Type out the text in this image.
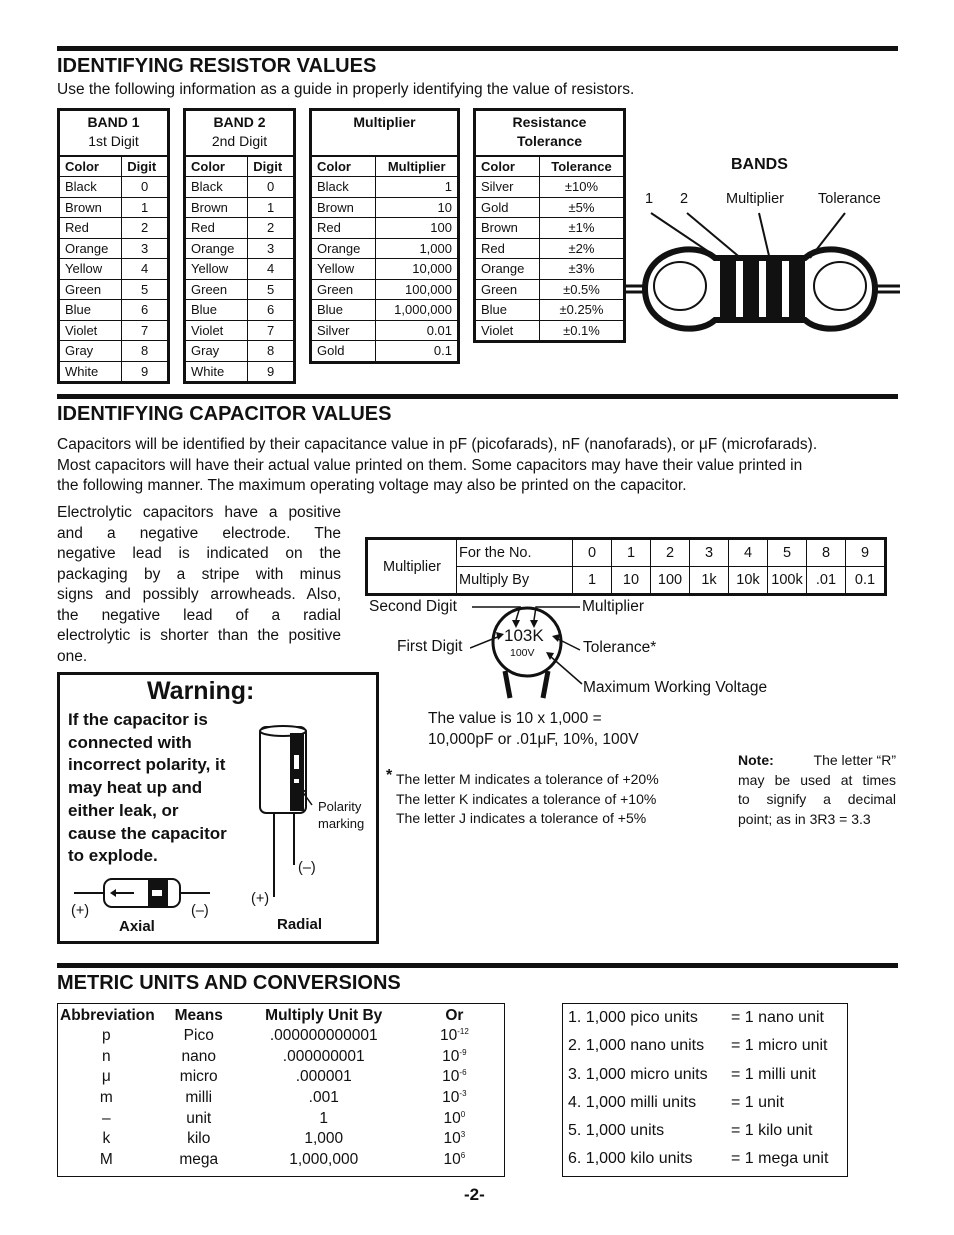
IDENTIFYING RESISTOR VALUES
Use the following information as a guide in properly identifying the value of resistors.
BAND 1
1st Digit
Color	Digit
Black	0
Brown	1
Red	2
Orange	3
Yellow	4
Green	5
Blue	6
Violet	7
Gray	8
White	9
BAND 2
2nd Digit
Color	Digit
Black	0
Brown	1
Red	2
Orange	3
Yellow	4
Green	5
Blue	6
Violet	7
Gray	8
White	9
Multiplier
Color	Multiplier
Black	1
Brown	10
Red	100
Orange	1,000
Yellow	10,000
Green	100,000
Blue	1,000,000
Silver	0.01
Gold	0.1
Resistance
Tolerance
Color	Tolerance
Silver	±10%
Gold	±5%
Brown	±1%
Red	±2%
Orange	±3%
Green	±0.5%
Blue	±0.25%
Violet	±0.1%
BANDS
1 2	Multiplier Tolerance
IDENTIFYING CAPACITOR VALUES
Capacitors will be identified by their capacitance value in pF (picofarads), nF (nanofarads), or μF (microfarads).
Most capacitors will have their actual value printed on them. Some capacitors may have their value printed in
the following manner. The maximum operating voltage may also be printed on the capacitor.
Electrolytic capacitors have a positive
and a negative electrode. The
negative lead is indicated on the
packaging by a stripe with minus
signs and possibly arrowheads. Also,
the negative lead of a radial
electrolytic is shorter than the positive
one.
Multiplier	For the No.	0	1	2	3	4	5	8	9
	Multiply By	1	10	100	1k	10k	100k	.01	0.1
103K
100V
Second Digit	Multiplier
First Digit	Tolerance*
Maximum Working Voltage
The value is 10 x 1,000 =
10,000pF or .01μF, 10%, 100V
* The letter M indicates a tolerance of +20%
The letter K indicates a tolerance of +10%
The letter J indicates a tolerance of +5%
Note:	The letter “R”
may be used at times
to signify a decimal
point; as in 3R3 = 3.3
Warning:
If the capacitor is
connected with
incorrect polarity, it
may heat up and
either leak, or
cause the capacitor
to explode.
Polarity
marking
(–)
(+)
Radial
(+)	(–)
Axial
METRIC UNITS AND CONVERSIONS
Abbreviation	Means	Multiply Unit By	Or
p	Pico	.000000000001	$10^{-12}$
n	nano	.000000001	$10^{-9}$
μ	micro	.000001	$10^{-6}$
m	milli	.001	$10^{-3}$
–	unit	1	$10^0$
k	kilo	1,000	$10^3$
M	mega	1,000,000	$10^6$
1. 1,000 pico units = 1 nano unit
2. 1,000 nano units = 1 micro unit
3. 1,000 micro units = 1 milli unit
4. 1,000 milli units = 1 unit
5. 1,000 units	= 1 kilo unit
6. 1,000 kilo units = 1 mega unit
-2-
